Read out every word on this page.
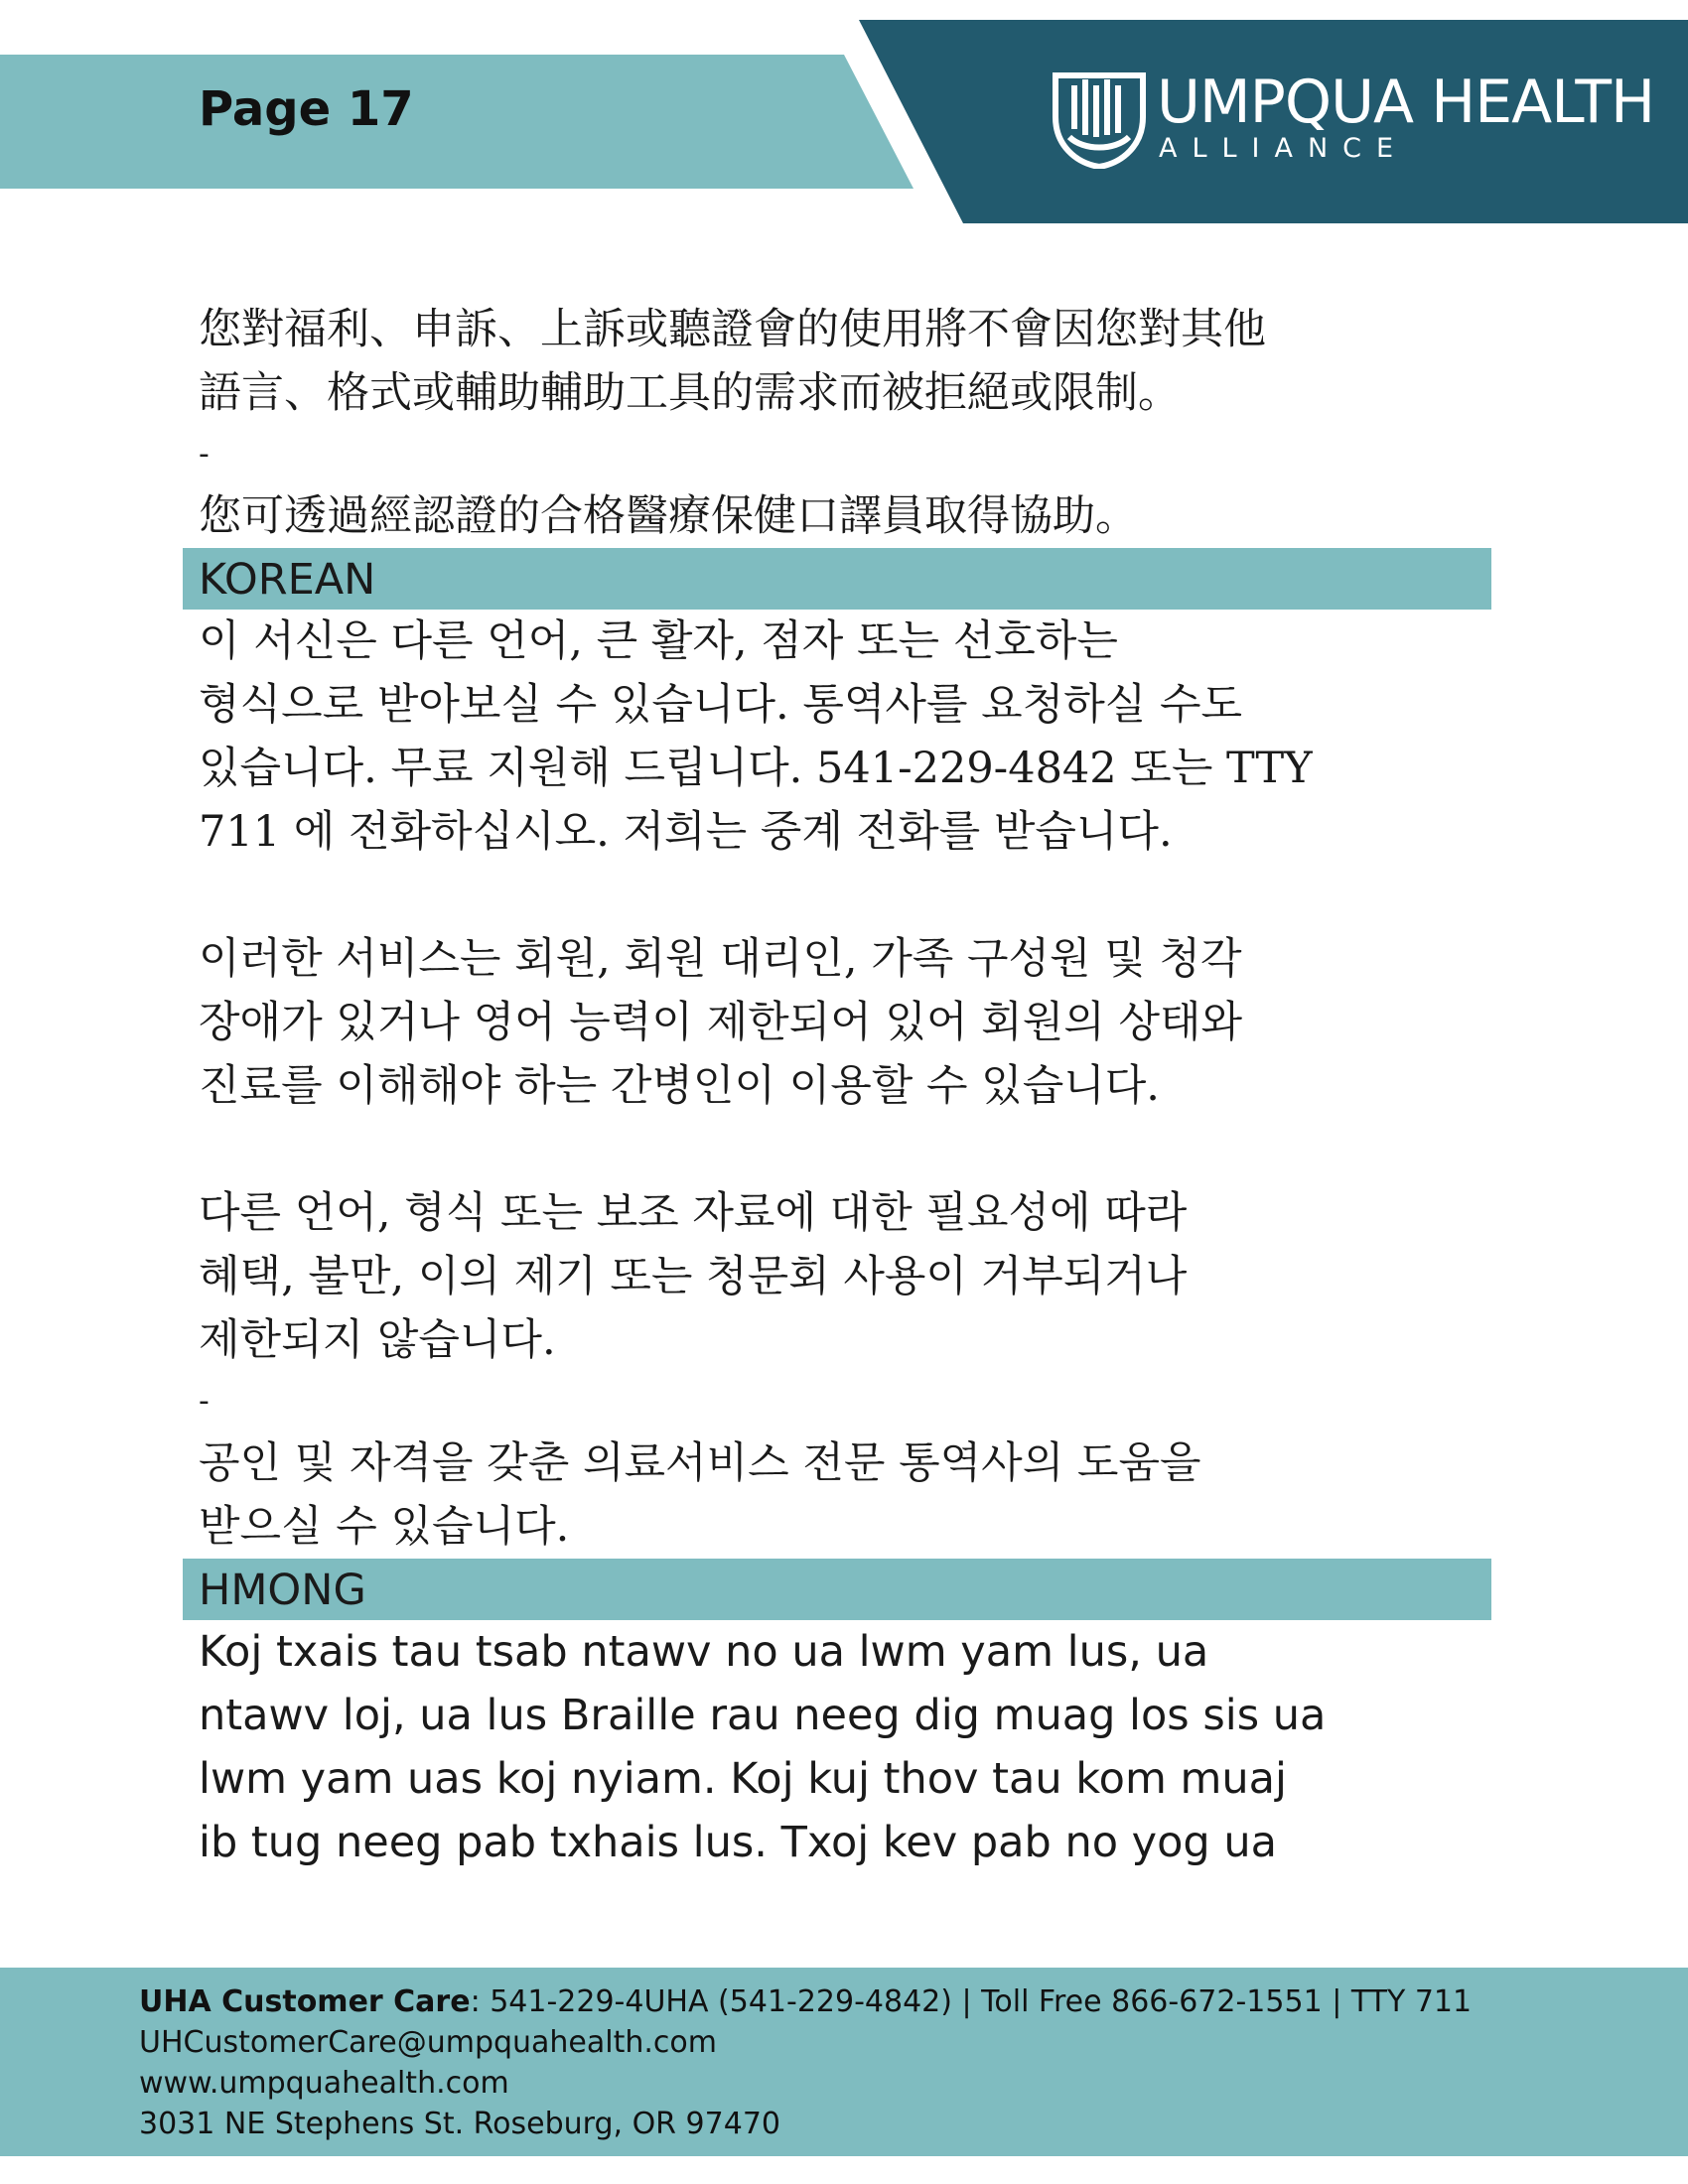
Page 17	UMPQUA HEALTH
ALLIANCE

您對福利、申訴、上訴或聽證會的使用將不會因您對其他
語言、格式或輔助輔助工具的需求而被拒絕或限制。

-

您可透過經認證的合格醫療保健口譯員取得協助。

KOREAN

이 서신은 다른 언어, 큰 활자, 점자 또는 선호하는
형식으로 받아보실 수 있습니다. 통역사를 요청하실 수도
있습니다. 무료 지원해 드립니다. 541-229-4842 또는 TTY
711 에 전화하십시오. 저희는 중계 전화를 받습니다.

이러한 서비스는 회원, 회원 대리인, 가족 구성원 및 청각
장애가 있거나 영어 능력이 제한되어 있어 회원의 상태와
진료를 이해해야 하는 간병인이 이용할 수 있습니다.

다른 언어, 형식 또는 보조 자료에 대한 필요성에 따라
혜택, 불만, 이의 제기 또는 청문회 사용이 거부되거나
제한되지 않습니다.

-

공인 및 자격을 갖춘 의료서비스 전문 통역사의 도움을
받으실 수 있습니다.

HMONG

Koj txais tau tsab ntawv no ua lwm yam lus, ua
ntawv loj, ua lus Braille rau neeg dig muag los sis ua
lwm yam uas koj nyiam. Koj kuj thov tau kom muaj
ib tug neeg pab txhais lus. Txoj kev pab no yog ua

UHA Customer Care: 541-229-4UHA (541-229-4842) | Toll Free 866-672-1551 | TTY 711
UHCustomerCare@umpquahealth.com
www.umpquahealth.com
3031 NE Stephens St. Roseburg, OR 97470
